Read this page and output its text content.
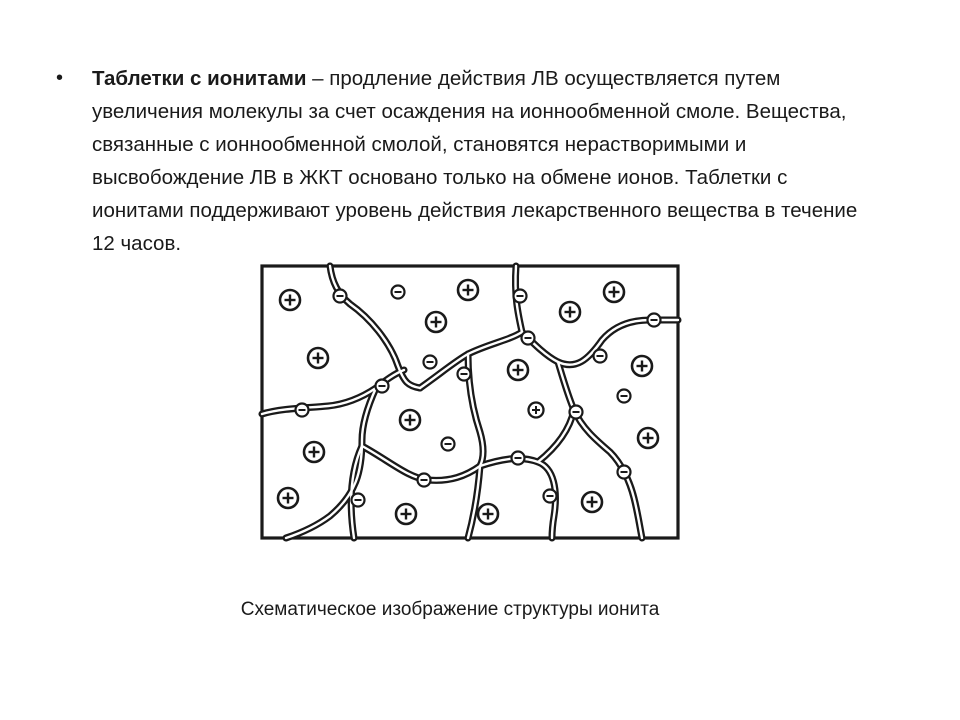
•	Таблетки с ионитами – продление действия ЛВ осуществляется путем увеличения молекулы за счет осаждения на ионнообменной смоле. Вещества, связанные с ионнообменной смолой, становятся нерастворимыми и высвобождение ЛВ в ЖКТ основано только на обмене ионов. Таблетки с ионитами поддерживают уровень действия лекарственного вещества в течение 12 часов.
Схематическое изображение структуры ионита
